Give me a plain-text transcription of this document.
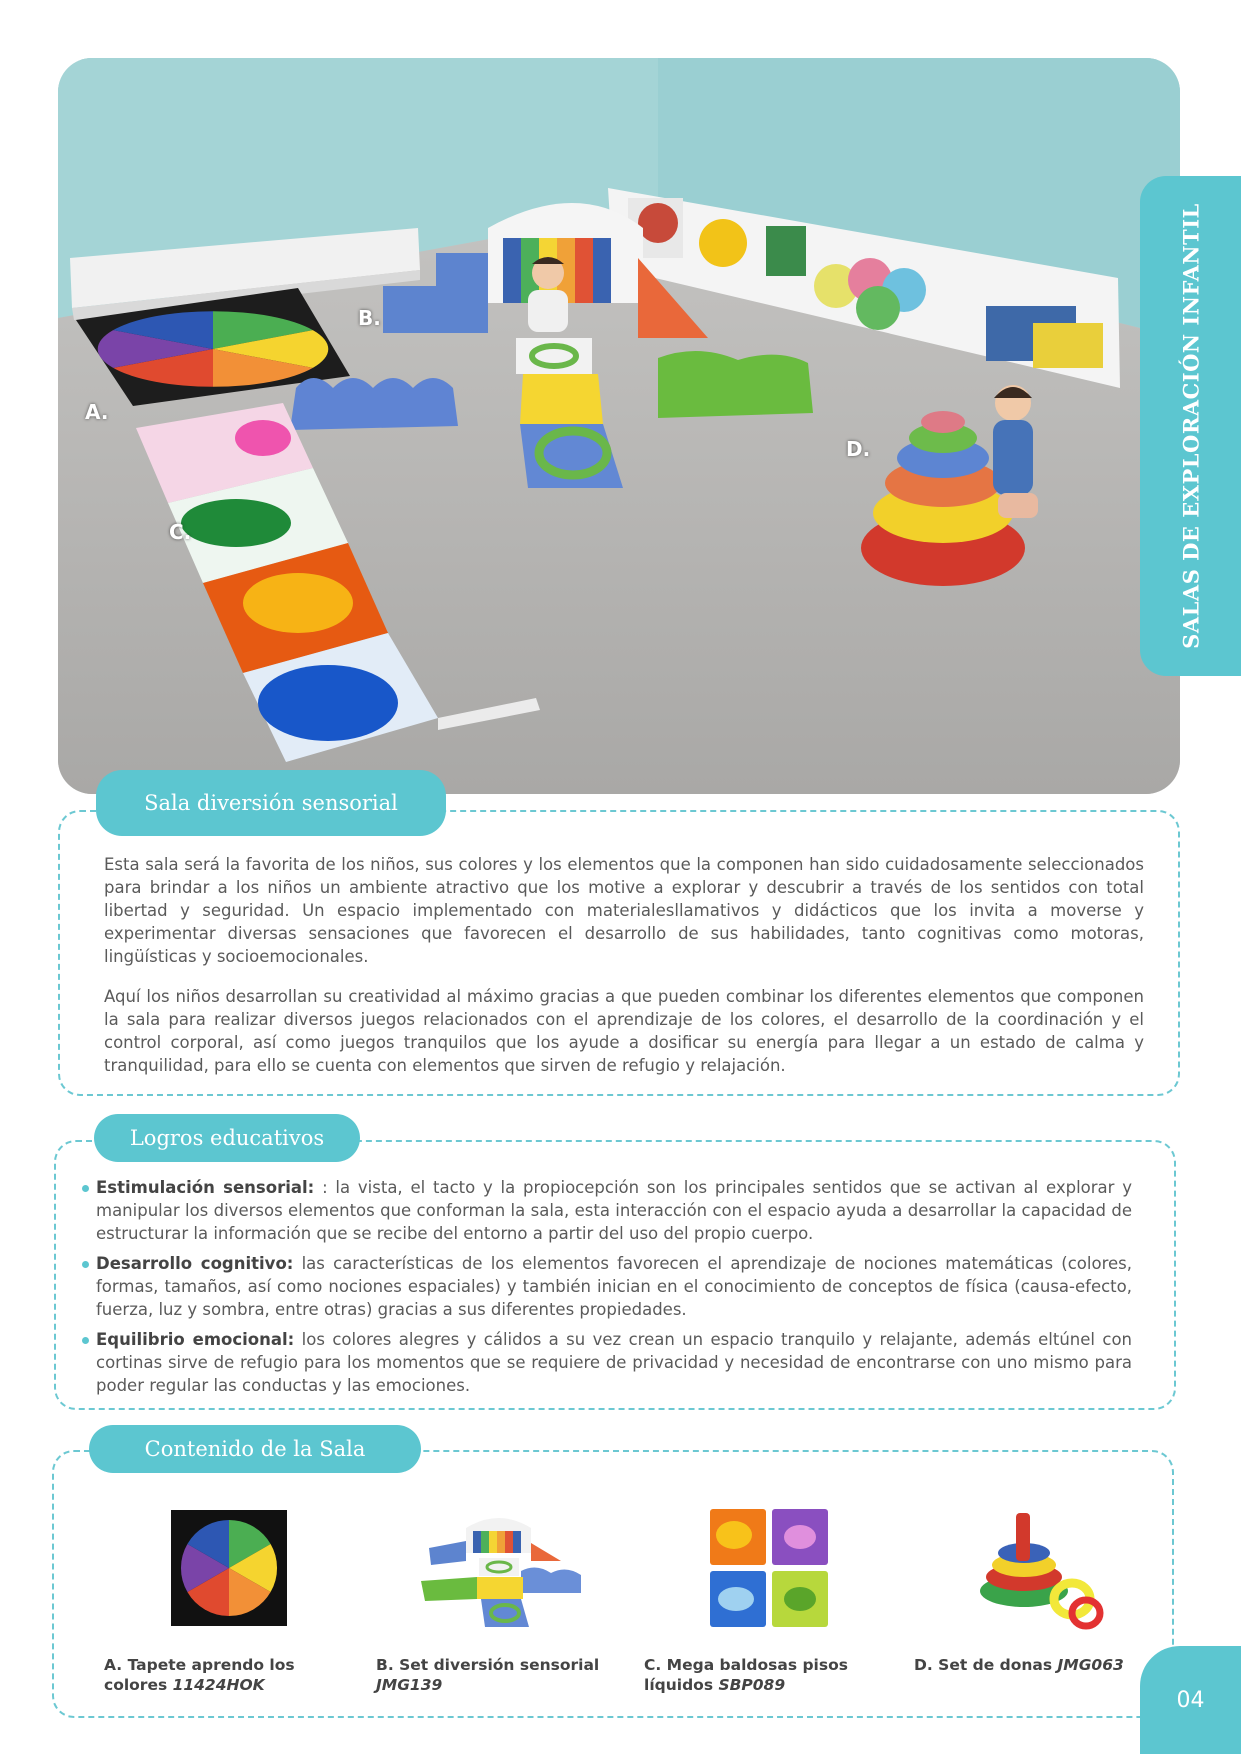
A.
B.
C.
D.	SALAS DE EXPLORACIÓN INFANTIL
Sala diversión sensorial
Esta sala será la favorita de los niños, sus colores y los elementos que la componen han sido cuidadosamente seleccionados para brindar a los niños un ambiente atractivo que los motive a explorar y descubrir a través de los sentidos con total libertad y seguridad. Un espacio implementado con materialesllamativos y didácticos que los invita a moverse y experimentar diversas sensaciones que favorecen el desarrollo de sus habilidades, tanto cognitivas como motoras, lingüísticas y socioemocionales.
Aquí los niños desarrollan su creatividad al máximo gracias a que pueden combinar los diferentes elementos que componen la sala para realizar diversos juegos relacionados con el aprendizaje de los colores, el desarrollo de la coordinación y el control corporal, así como juegos tranquilos que los ayude a dosificar su energía para llegar a un estado de calma y tranquilidad, para ello se cuenta con elementos que sirven de refugio y relajación.
Logros educativos
Estimulación sensorial: : la vista, el tacto y la propiocepción son los principales sentidos que se activan al explorar y manipular los diversos elementos que conforman la sala, esta interacción con el espacio ayuda a desarrollar la capacidad de estructurar la información que se recibe del entorno a partir del uso del propio cuerpo.
Desarrollo cognitivo: las características de los elementos favorecen el aprendizaje de nociones matemáticas (colores, formas, tamaños, así como nociones espaciales) y también inician en el conocimiento de conceptos de física (causa-efecto, fuerza, luz y sombra, entre otras) gracias a sus diferentes propiedades.
Equilibrio emocional: los colores alegres y cálidos a su vez crean un espacio tranquilo y relajante, además eltúnel con cortinas sirve de refugio para los momentos que se requiere de privacidad y necesidad de encontrarse con uno mismo para poder regular las conductas y las emociones.
Contenido de la Sala
A. Tapete aprendo los colores 11424HOK
B. Set diversión sensorial JMG139
C. Mega baldosas pisos líquidos SBP089
D. Set de donas JMG063
04
